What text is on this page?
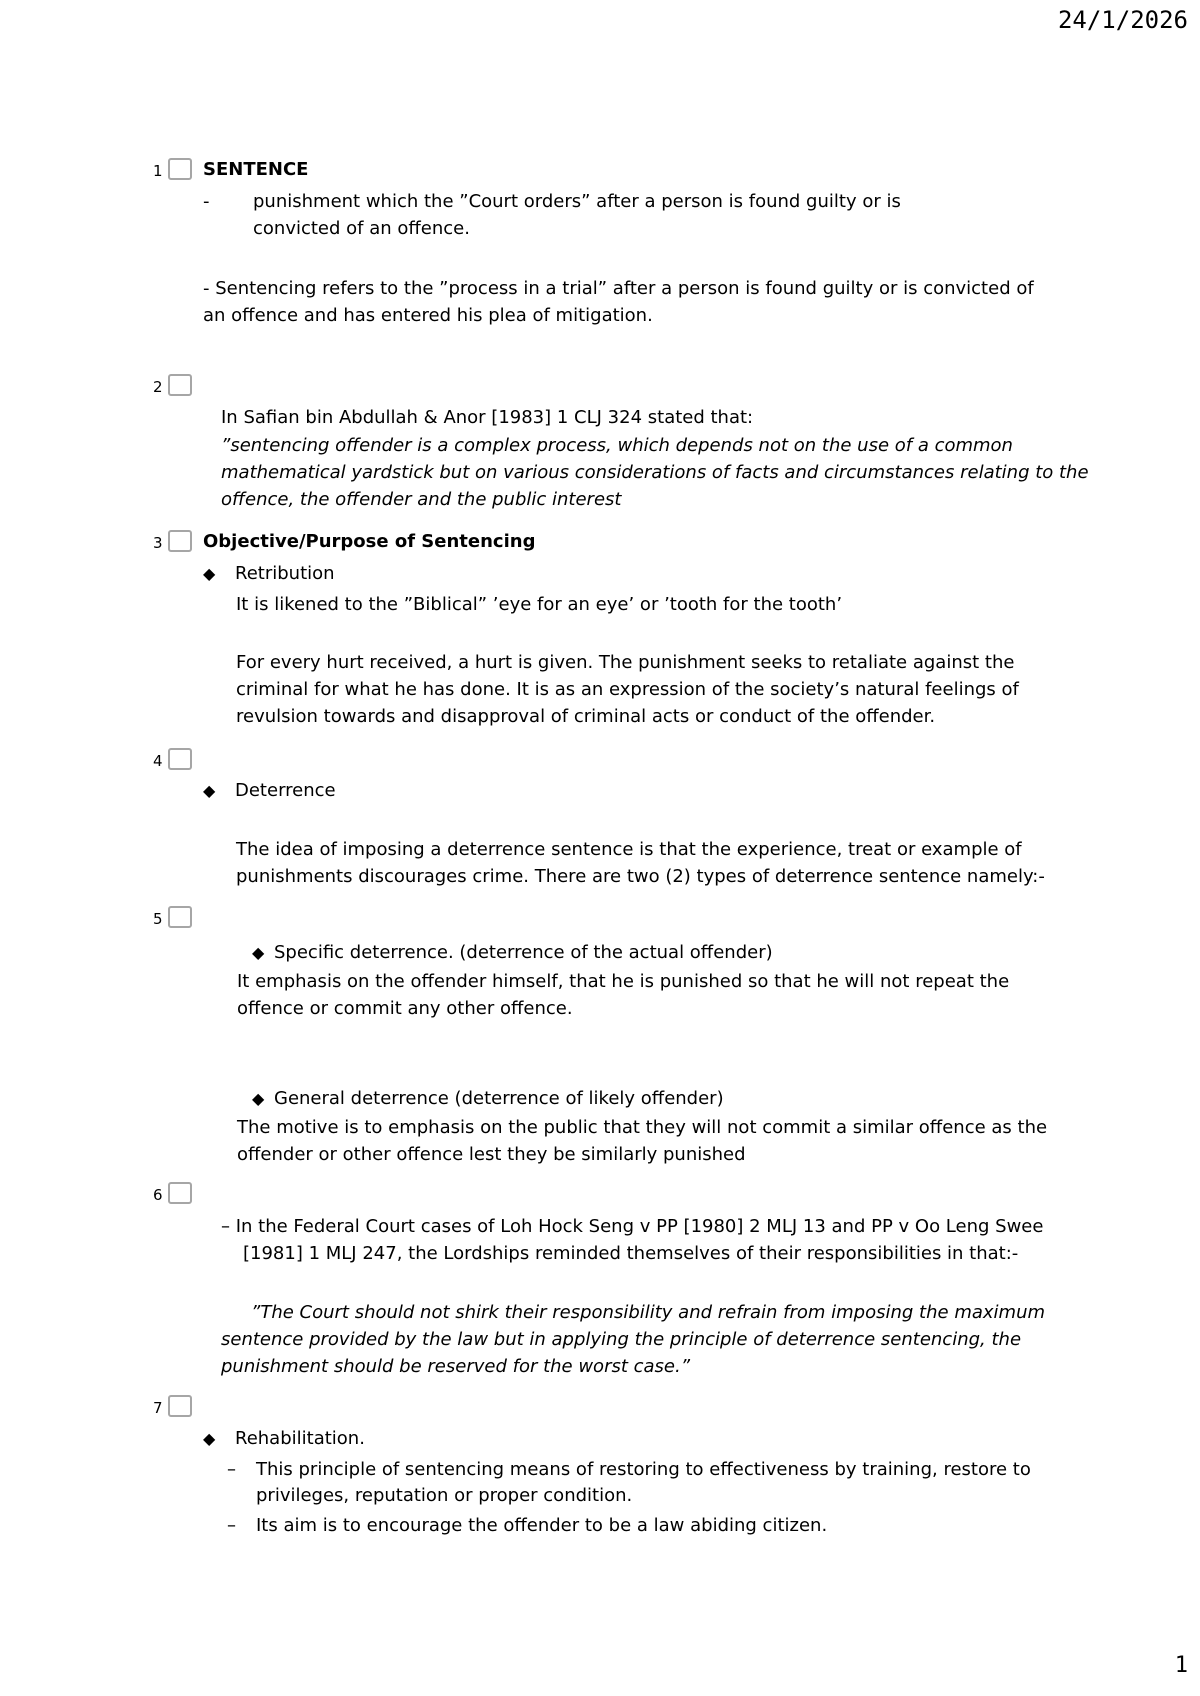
24/1/2026
1 SENTENCE
- punishment which the ”Court orders” after a person is found guilty or is
convicted of an offence.
- Sentencing refers to the ”process in a trial” after a person is found guilty or is convicted of
an offence and has entered his plea of mitigation.
2
In Safian bin Abdullah & Anor [1983] 1 CLJ 324 stated that:
”sentencing offender is a complex process, which depends not on the use of a common
mathematical yardstick but on various considerations of facts and circumstances relating to the
offence, the offender and the public interest
3 Objective/Purpose of Sentencing
◆ Retribution
It is likened to the ”Biblical” ’eye for an eye’ or ’tooth for the tooth’
For every hurt received, a hurt is given. The punishment seeks to retaliate against the
criminal for what he has done. It is as an expression of the society’s natural feelings of
revulsion towards and disapproval of criminal acts or conduct of the offender.
4
◆ Deterrence
The idea of imposing a deterrence sentence is that the experience, treat or example of
punishments discourages crime. There are two (2) types of deterrence sentence namely:-
5
◆ Specific deterrence. (deterrence of the actual offender)
It emphasis on the offender himself, that he is punished so that he will not repeat the
offence or commit any other offence.
◆ General deterrence (deterrence of likely offender)
The motive is to emphasis on the public that they will not commit a similar offence as the
offender or other offence lest they be similarly punished
6
– In the Federal Court cases of Loh Hock Seng v PP [1980] 2 MLJ 13 and PP v Oo Leng Swee
[1981] 1 MLJ 247, the Lordships reminded themselves of their responsibilities in that:-
”The Court should not shirk their responsibility and refrain from imposing the maximum
sentence provided by the law but in applying the principle of deterrence sentencing, the
punishment should be reserved for the worst case.”
7
◆ Rehabilitation.
– This principle of sentencing means of restoring to effectiveness by training, restore to
privileges, reputation or proper condition.
– Its aim is to encourage the offender to be a law abiding citizen.
1
